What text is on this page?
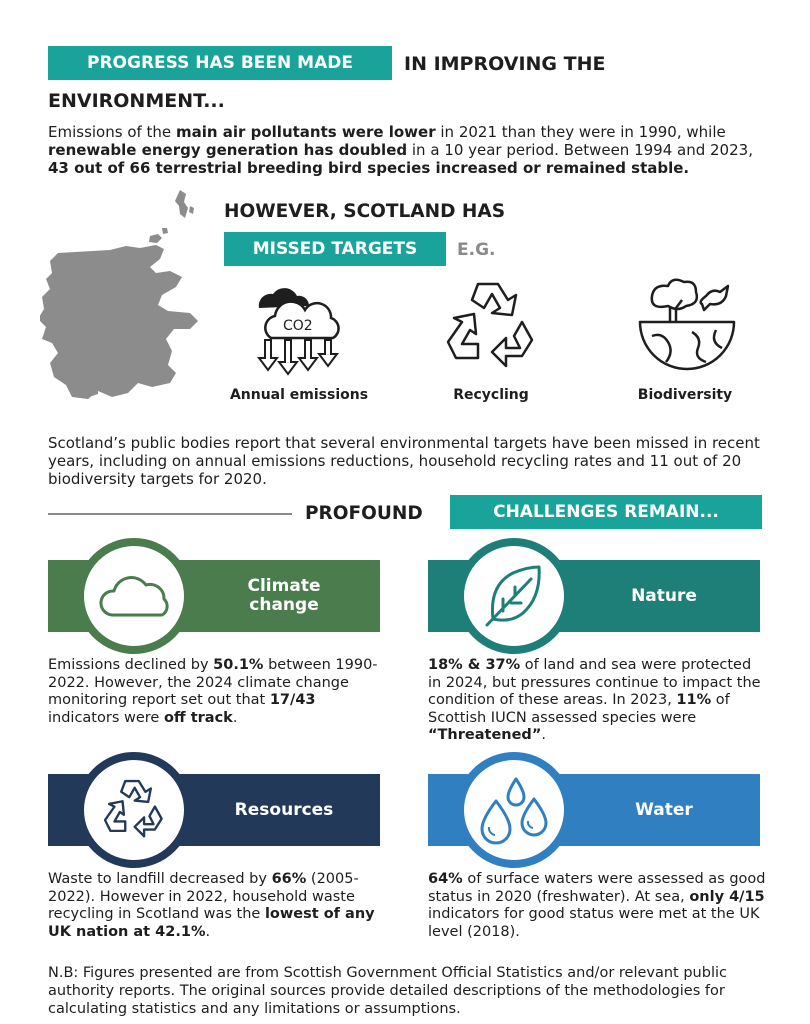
PROGRESS HAS BEEN MADE	IN IMPROVING THE
ENVIRONMENT...

Emissions of the main air pollutants were lower in 2021 than they were in 1990, while renewable energy generation has doubled in a 10 year period. Between 1994 and 2023, 43 out of 66 terrestrial breeding bird species increased or remained stable.

HOWEVER, SCOTLAND HAS
MISSED TARGETS E.G.
CO2
Annual emissions	Recycling	Biodiversity

Scotland’s public bodies report that several environmental targets have been missed in recent years, including on annual emissions reductions, household recycling rates and 11 out of 20 biodiversity targets for 2020.

PROFOUND	CHALLENGES REMAIN...
Climate
change

Emissions declined by 50.1% between 1990-2022. However, the 2024 climate change monitoring report set out that 17/43 indicators were off track.

Nature

18% & 37% of land and sea were protected in 2024, but pressures continue to impact the condition of these areas. In 2023, 11% of Scottish IUCN assessed species were “Threatened”.

Resources

Waste to landfill decreased by 66% (2005-2022). However in 2022, household waste recycling in Scotland was the lowest of any UK nation at 42.1%.

Water

64% of surface waters were assessed as good status in 2020 (freshwater). At sea, only 4/15 indicators for good status were met at the UK level (2018).

N.B: Figures presented are from Scottish Government Official Statistics and/or relevant public authority reports. The original sources provide detailed descriptions of the methodologies for calculating statistics and any limitations or assumptions.
